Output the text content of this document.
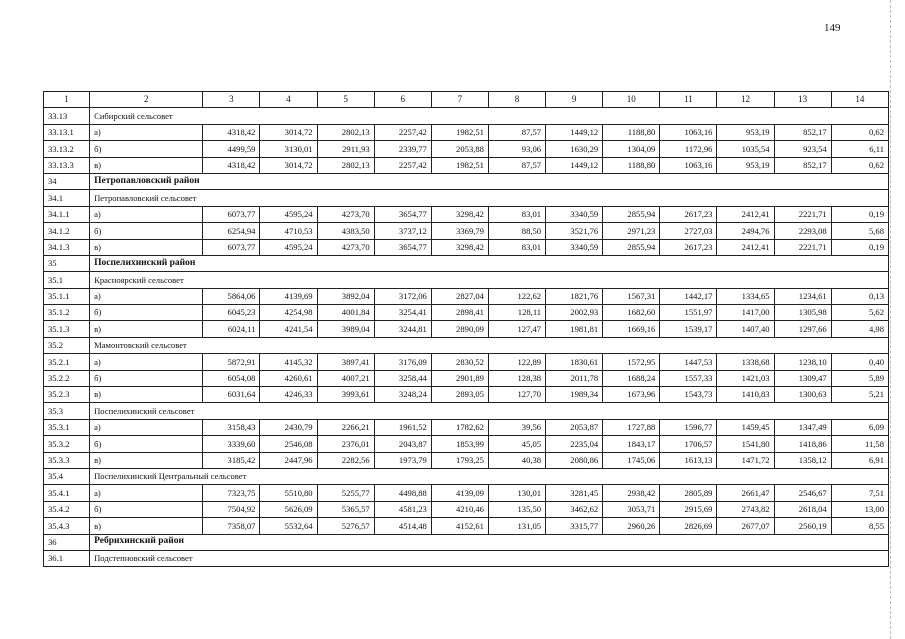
149
1	2	3	4	5	6	7	8	9	10	11	12	13	14
33.13	Сибирский сельсовет												
33.13.1	а)	4318,42	3014,72	2802,13	2257,42	1982,51	87,57	1449,12	1188,80	1063,16	953,19	852,17	0,62
33.13.2	б)	4499,59	3130,01	2911,93	2339,77	2053,88	93,06	1630,29	1304,09	1172,96	1035,54	923,54	6,11
33.13.3	в)	4318,42	3014,72	2802,13	2257,42	1982,51	87,57	1449,12	1188,80	1063,16	953,19	852,17	0,62
34	Петропавловский район												
34.1	Петропавловский сельсовет												
34.1.1	а)	6073,77	4595,24	4273,70	3654,77	3298,42	83,01	3340,59	2855,94	2617,23	2412,41	2221,71	0,19
34.1.2	б)	6254,94	4710,53	4383,50	3737,12	3369,79	88,50	3521,76	2971,23	2727,03	2494,76	2293,08	5,68
34.1.3	в)	6073,77	4595,24	4273,70	3654,77	3298,42	83,01	3340,59	2855,94	2617,23	2412,41	2221,71	0,19
35	Поспелихинский район												
35.1	Красноярский сельсовет												
35.1.1	а)	5864,06	4139,69	3892,04	3172,06	2827,04	122,62	1821,76	1567,31	1442,17	1334,65	1234,61	0,13
35.1.2	б)	6045,23	4254,98	4001,84	3254,41	2898,41	128,11	2002,93	1682,60	1551,97	1417,00	1305,98	5,62
35.1.3	в)	6024,11	4241,54	3989,04	3244,81	2890,09	127,47	1981,81	1669,16	1539,17	1407,40	1297,66	4,98
35.2	Мамонтовский сельсовет												
35.2.1	а)	5872,91	4145,32	3897,41	3176,09	2830,52	122,89	1830,61	1572,95	1447,53	1338,68	1238,10	0,40
35.2.2	б)	6054,08	4260,61	4007,21	3258,44	2901,89	128,38	2011,78	1688,24	1557,33	1421,03	1309,47	5,89
35.2.3	в)	6031,64	4246,33	3993,61	3248,24	2893,05	127,70	1989,34	1673,96	1543,73	1410,83	1300,63	5,21
35.3	Поспелихинский сельсовет												
35.3.1	а)	3158,43	2430,79	2266,21	1961,52	1782,62	39,56	2053,87	1727,88	1596,77	1459,45	1347,49	6,09
35.3.2	б)	3339,60	2546,08	2376,01	2043,87	1853,99	45,05	2235,04	1843,17	1706,57	1541,80	1418,86	11,58
35.3.3	в)	3185,42	2447,96	2282,56	1973,79	1793,25	40,38	2080,86	1745,06	1613,13	1471,72	1358,12	6,91
35.4	Поспелихинский Центральный сельсовет												
35.4.1	а)	7323,75	5510,80	5255,77	4498,88	4139,09	130,01	3281,45	2938,42	2805,89	2661,47	2546,67	7,51
35.4.2	б)	7504,92	5626,09	5365,57	4581,23	4210,46	135,50	3462,62	3053,71	2915,69	2743,82	2618,04	13,00
35.4.3	в)	7358,07	5532,64	5276,57	4514,48	4152,61	131,05	3315,77	2960,26	2826,69	2677,07	2560,19	8,55
36	Ребрихинский район												
36.1	Подстепновский сельсовет												
